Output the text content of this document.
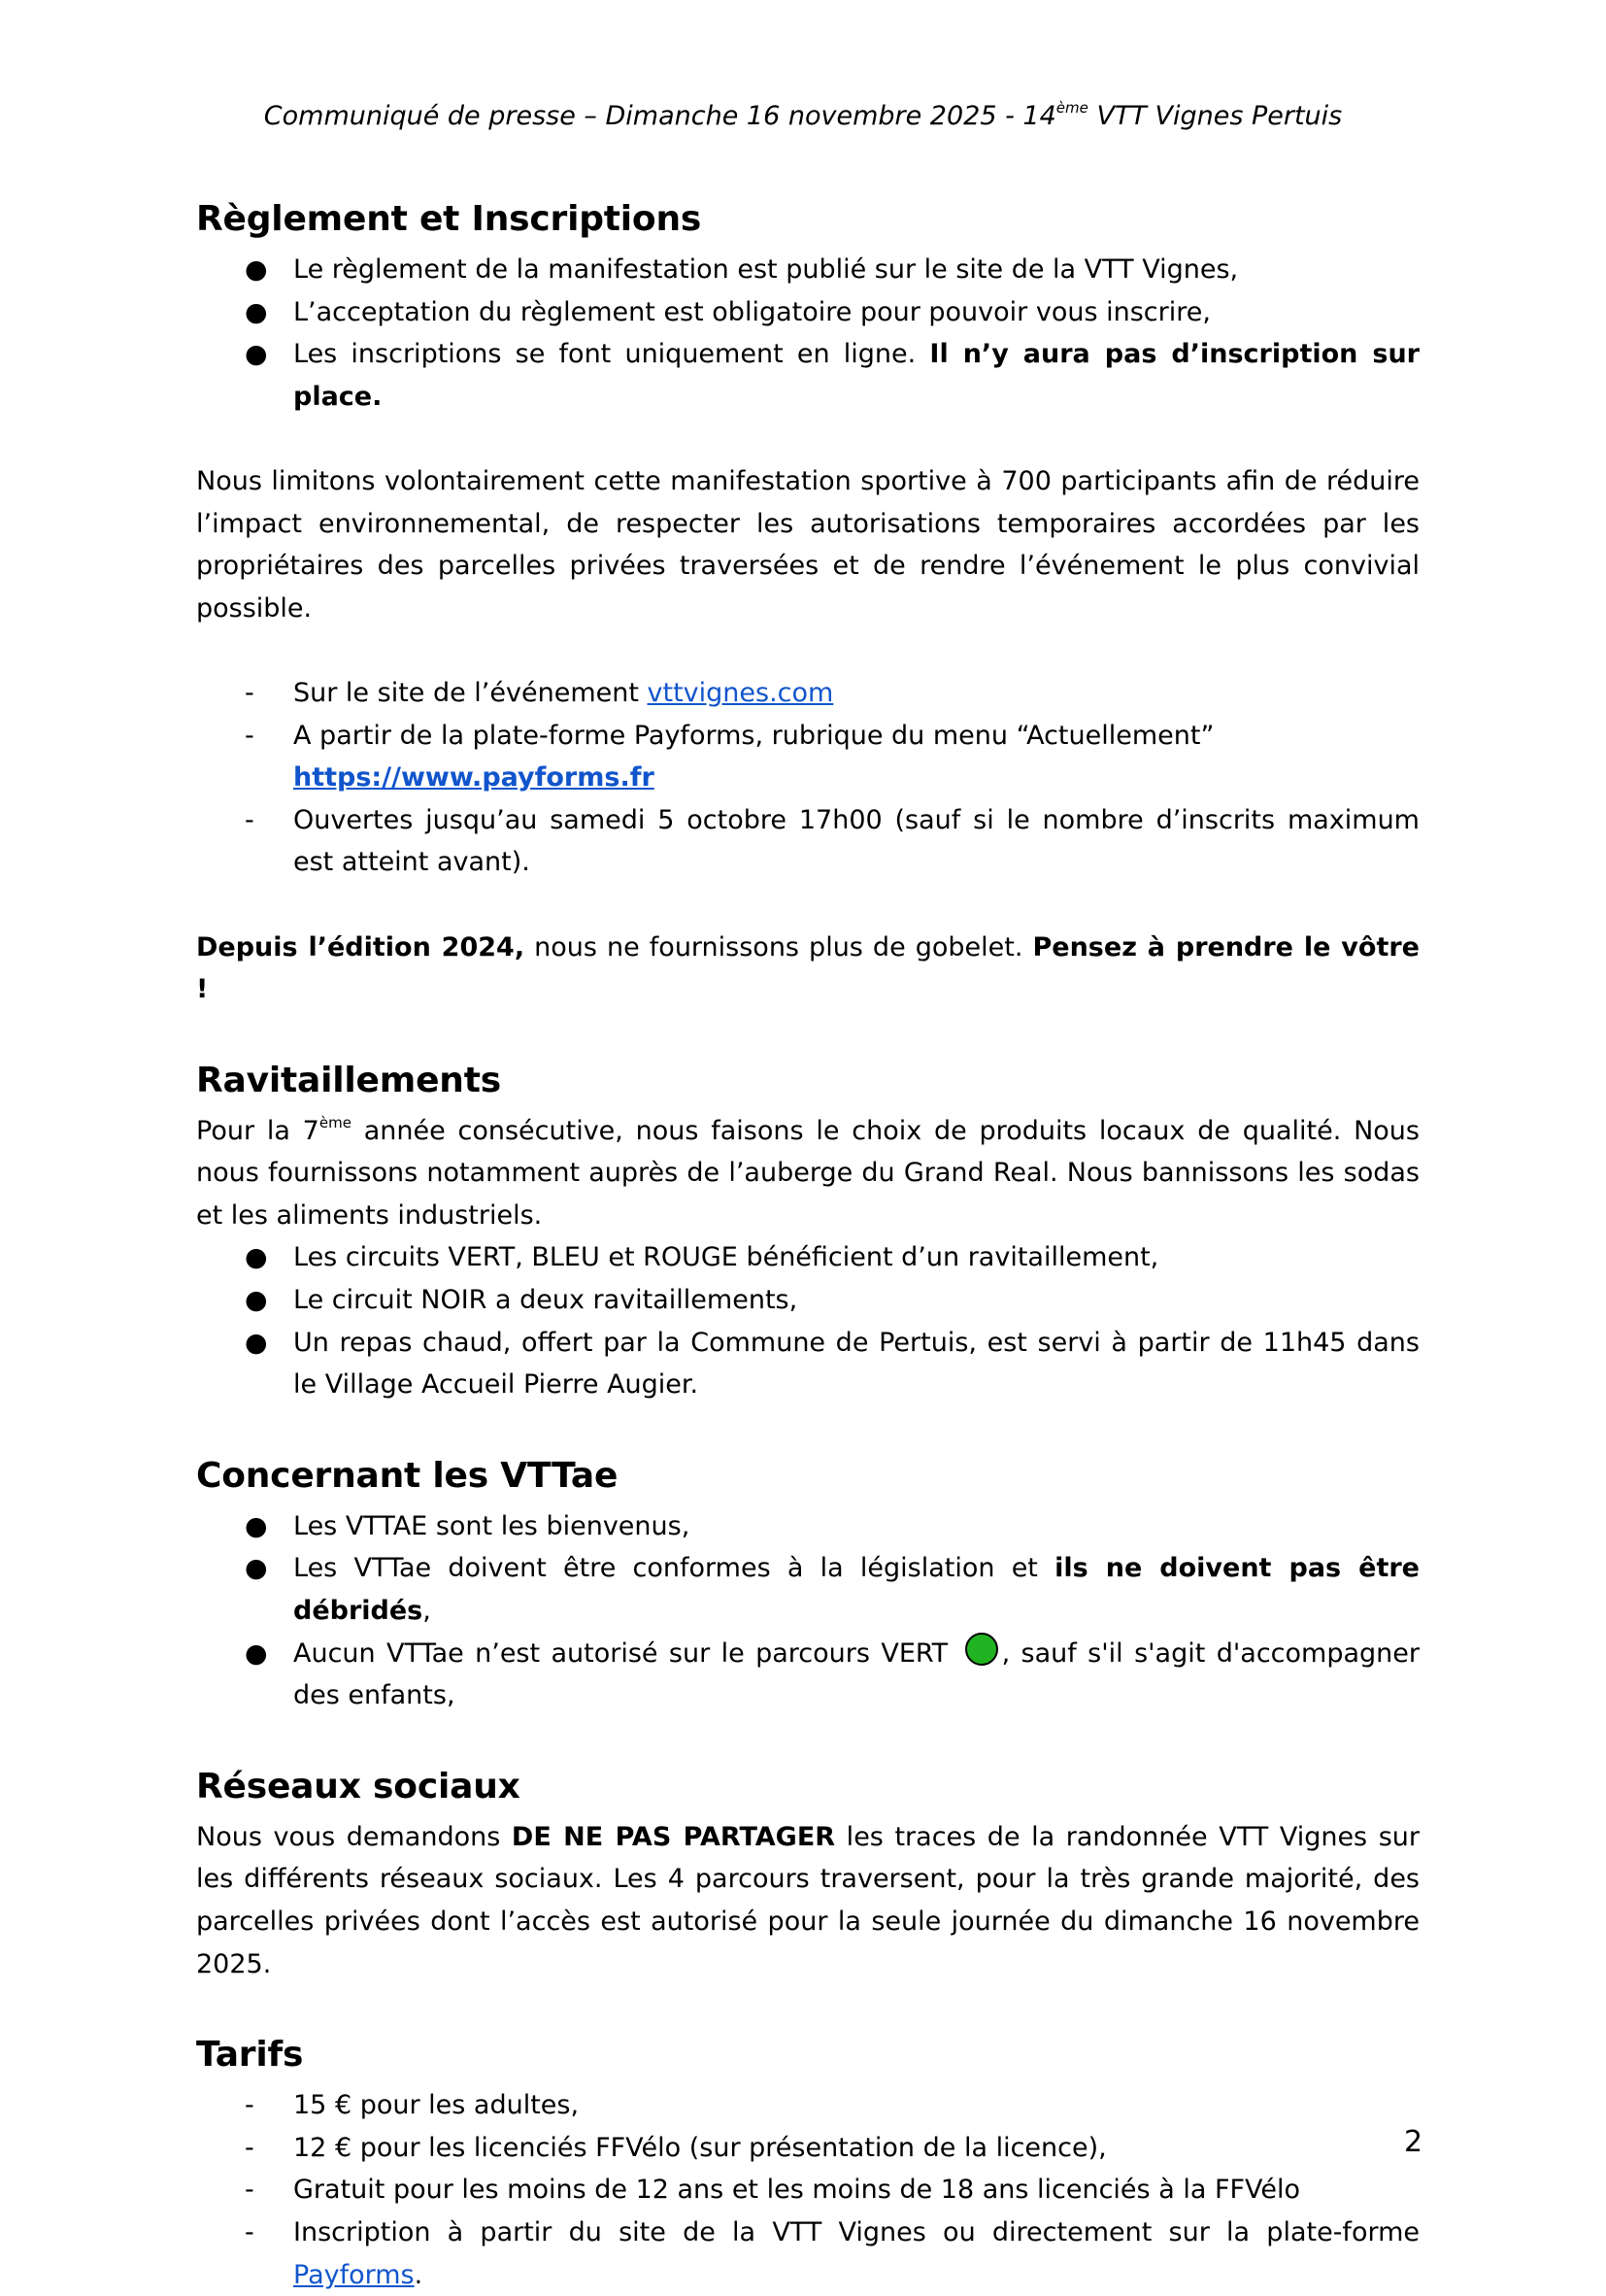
Communiqué de presse – Dimanche 16 novembre 2025 - 14ème VTT Vignes Pertuis
Règlement et Inscriptions
● Le règlement de la manifestation est publié sur le site de la VTT Vignes,
● L’acceptation du règlement est obligatoire pour pouvoir vous inscrire,
● Les inscriptions se font uniquement en ligne. Il n’y aura pas d’inscription sur place.

Nous limitons volontairement cette manifestation sportive à 700 participants afin de réduire l’impact environnemental, de respecter les autorisations temporaires accordées par les propriétaires des parcelles privées traversées et de rendre l’événement le plus convivial possible.

-	Sur le site de l’événement vttvignes.com
-	A partir de la plate-forme Payforms, rubrique du menu “Actuellement”
https://www.payforms.fr
-	Ouvertes jusqu’au samedi 5 octobre 17h00 (sauf si le nombre d’inscrits maximum est atteint avant).

Depuis l’édition 2024, nous ne fournissons plus de gobelet. Pensez à prendre le vôtre !

Ravitaillements

Pour la 7ème année consécutive, nous faisons le choix de produits locaux de qualité. Nous nous fournissons notamment auprès de l’auberge du Grand Real. Nous bannissons les sodas et les aliments industriels.

● Les circuits VERT, BLEU et ROUGE bénéficient d’un ravitaillement,
● Le circuit NOIR a deux ravitaillements,
● Un repas chaud, offert par la Commune de Pertuis, est servi à partir de 11h45 dans le Village Accueil Pierre Augier.
Concernant les VTTae
● Les VTTAE sont les bienvenus,
● Les VTTae doivent être conformes à la législation et ils ne doivent pas être débridés,
● Aucun VTTae n’est autorisé sur le parcours VERT , sauf s'il s'agit d'accompagner des enfants,
Réseaux sociaux

Nous vous demandons DE NE PAS PARTAGER les traces de la randonnée VTT Vignes sur les différents réseaux sociaux. Les 4 parcours traversent, pour la très grande majorité, des parcelles privées dont l’accès est autorisé pour la seule journée du dimanche 16 novembre 2025.

Tarifs
-	15 € pour les adultes,
-	12 € pour les licenciés FFVélo (sur présentation de la licence),
-	Gratuit pour les moins de 12 ans et les moins de 18 ans licenciés à la FFVélo
-	Inscription à partir du site de la VTT Vignes ou directement sur la plate-forme Payforms.
2
